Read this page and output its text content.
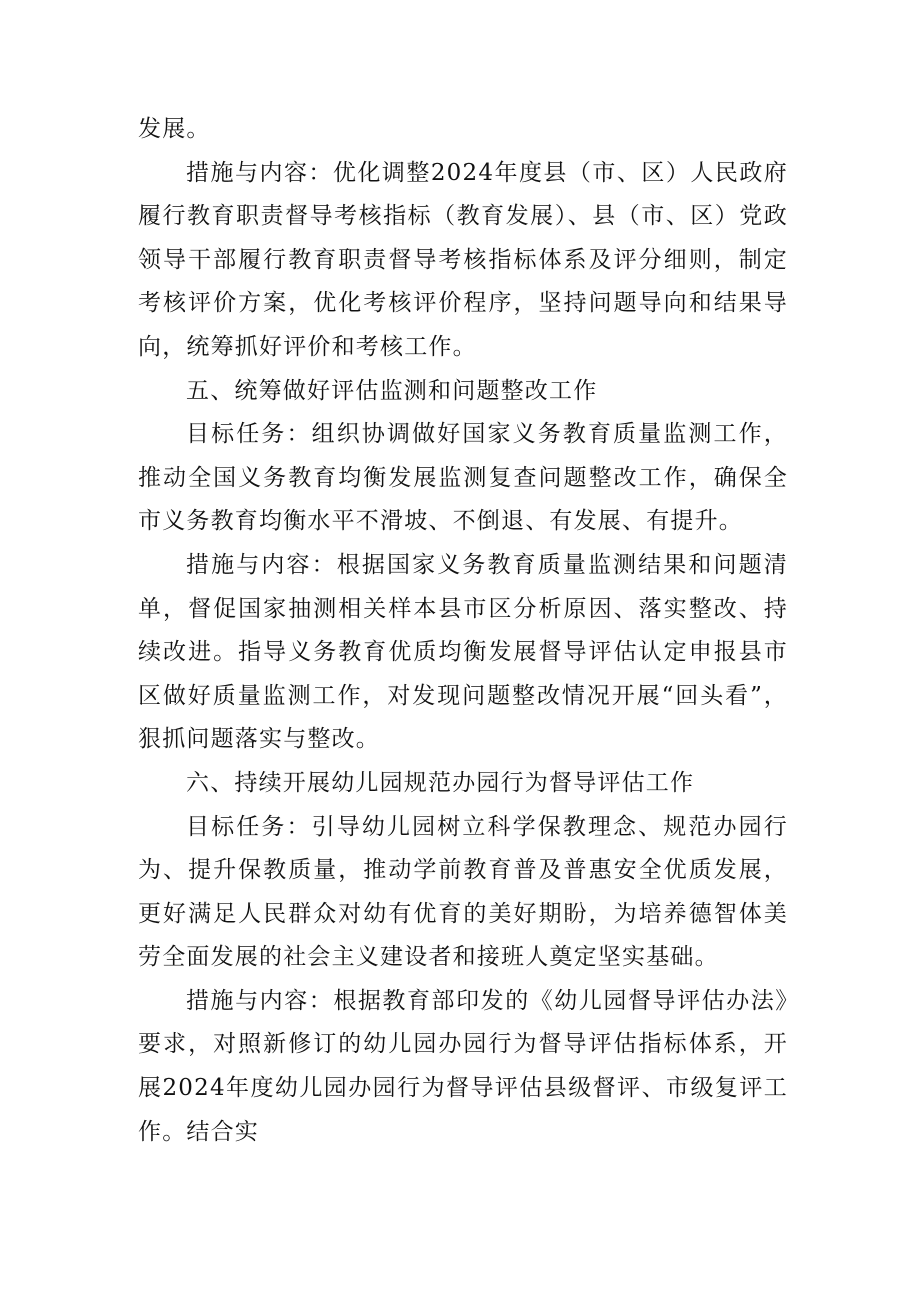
发展。

措施与内容：优化调整2024年度县（市、区）人民政府履行教育职责督导考核指标（教育发展）、县（市、区）党政领导干部履行教育职责督导考核指标体系及评分细则，制定考核评价方案，优化考核评价程序，坚持问题导向和结果导向，统筹抓好评价和考核工作。

五、统筹做好评估监测和问题整改工作

目标任务：组织协调做好国家义务教育质量监测工作，推动全国义务教育均衡发展监测复查问题整改工作，确保全市义务教育均衡水平不滑坡、不倒退、有发展、有提升。

措施与内容：根据国家义务教育质量监测结果和问题清单，督促国家抽测相关样本县市区分析原因、落实整改、持续改进。指导义务教育优质均衡发展督导评估认定申报县市区做好质量监测工作，对发现问题整改情况开展“回头看”，狠抓问题落实与整改。

六、持续开展幼儿园规范办园行为督导评估工作

目标任务：引导幼儿园树立科学保教理念、规范办园行为、提升保教质量，推动学前教育普及普惠安全优质发展，更好满足人民群众对幼有优育的美好期盼，为培养德智体美劳全面发展的社会主义建设者和接班人奠定坚实基础。

措施与内容：根据教育部印发的《幼儿园督导评估办法》要求，对照新修订的幼儿园办园行为督导评估指标体系，开展2024年度幼儿园办园行为督导评估县级督评、市级复评工作。结合实
